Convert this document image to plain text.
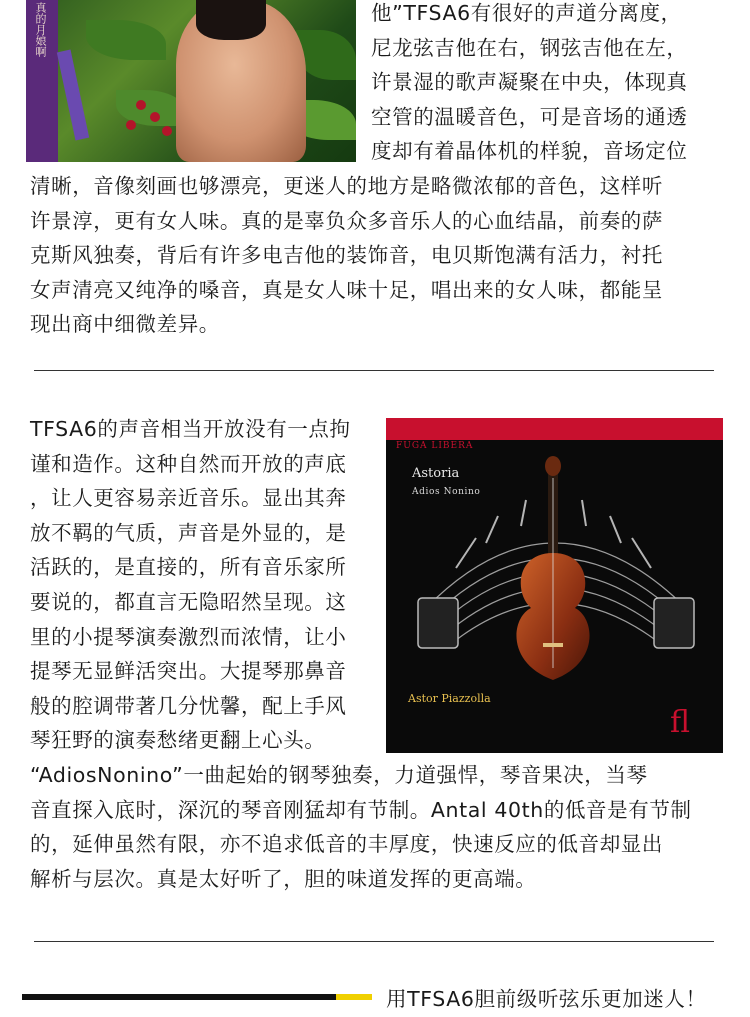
真的月娘啊	他”TFSA6有很好的声道分离度，
尼龙弦吉他在右，钢弦吉他在左，
许景湿的歌声凝聚在中央，体现真
空管的温暖音色，可是音场的通透
度却有着晶体机的样貌，音场定位
清晰，音像刻画也够漂亮，更迷人的地方是略微浓郁的音色，这样听
许景淳，更有女人味。真的是辜负众多音乐人的心血结晶，前奏的萨
克斯风独奏，背后有许多电吉他的装饰音，电贝斯饱满有活力，衬托
女声清亮又纯净的嗓音，真是女人味十足，唱出来的女人味，都能呈
现出商中细微差异。
TFSA6的声音相当开放没有一点拘
谨和造作。这种自然而开放的声底
，让人更容易亲近音乐。显出其奔
放不羁的气质，声音是外显的，是
活跃的，是直接的，所有音乐家所
要说的，都直言无隐昭然呈现。这
里的小提琴演奏激烈而浓情，让小
提琴无显鲜活突出。大提琴那鼻音
般的腔调带著几分忧馨，配上手风
琴狂野的演奏愁绪更翻上心头。
FUGA LIBERA
Astoria
Adios Nonino
Astor Piazzolla
fl
“AdiosNonino”一曲起始的钢琴独奏，力道强悍，琴音果决，当琴
音直探入底时，深沉的琴音刚猛却有节制。Antal 40th的低音是有节制
的，延伸虽然有限，亦不追求低音的丰厚度，快速反应的低音却显出
解析与层次。真是太好听了，胆的味道发挥的更高端。
用TFSA6胆前级听弦乐更加迷人！
